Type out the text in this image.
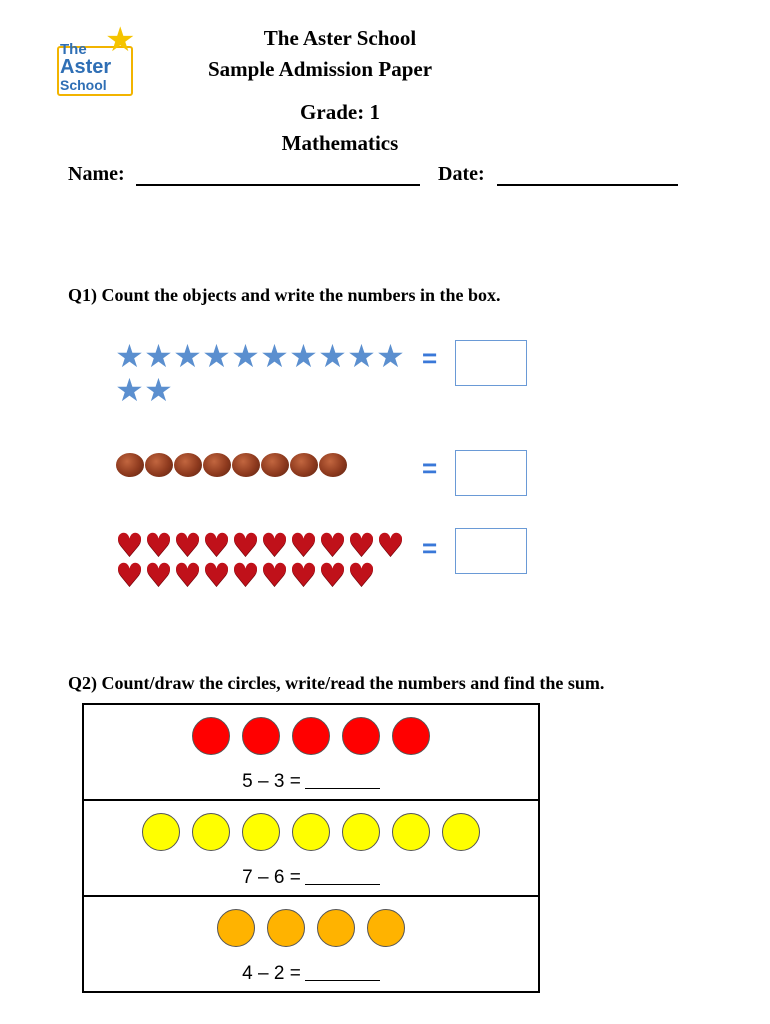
★
The
Aster
School
The Aster School
Sample Admission Paper
Grade: 1
Mathematics
Name:	Date:
Q1) Count the objects and write the numbers in the box.
★ ★ ★ ★ ★ ★ ★ ★ ★ ★
★ ★
=
=
♥ ♥ ♥ ♥ ♥ ♥ ♥ ♥ ♥ ♥
♥ ♥ ♥ ♥ ♥ ♥ ♥ ♥ ♥
=
Q2) Count/draw the circles, write/read the numbers and find the sum.
5 – 3 =

7 – 6 =

4 – 2 =
